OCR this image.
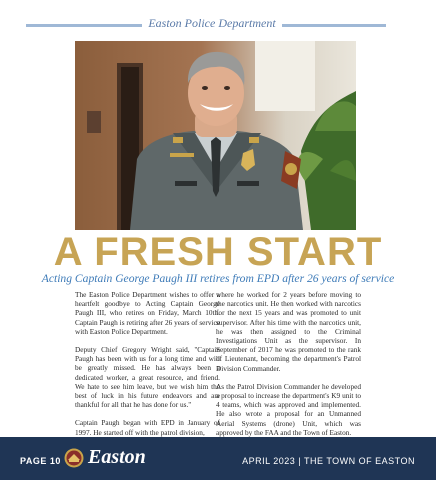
Easton Police Department
A FRESH START
Acting Captain George Paugh III retires from EPD after 26 years of service

The Easton Police Department wishes to offer a heartfelt goodbye to Acting Captain George Paugh III, who retires on Friday, March 10th. Captain Paugh is retiring after 26 years of service with Easton Police Department.

Deputy Chief Gregory Wright said, "Captain Paugh has been with us for a long time and will be greatly missed. He has always been a dedicated worker, a great resource, and friend. We hate to see him leave, but we wish him the best of luck in his future endeavors and are thankful for all that he has done for us."

Captain Paugh began with EPD in January of 1997. He started off with the patrol division,

where he worked for 2 years before moving to the narcotics unit. He then worked with narcotics for the next 15 years and was promoted to unit supervisor. After his time with the narcotics unit, he was then assigned to the Criminal Investigations Unit as the supervisor. In September of 2017 he was promoted to the rank of Lieutenant, becoming the department's Patrol Division Commander.

As the Patrol Division Commander he developed a proposal to increase the department's K9 unit to 4 teams, which was approved and implemented. He also wrote a proposal for an Unmanned Aerial Systems (drone) Unit, which was approved by the FAA and the Town of Easton.

PAGE 10 Easton	APRIL 2023 | THE TOWN OF EASTON
